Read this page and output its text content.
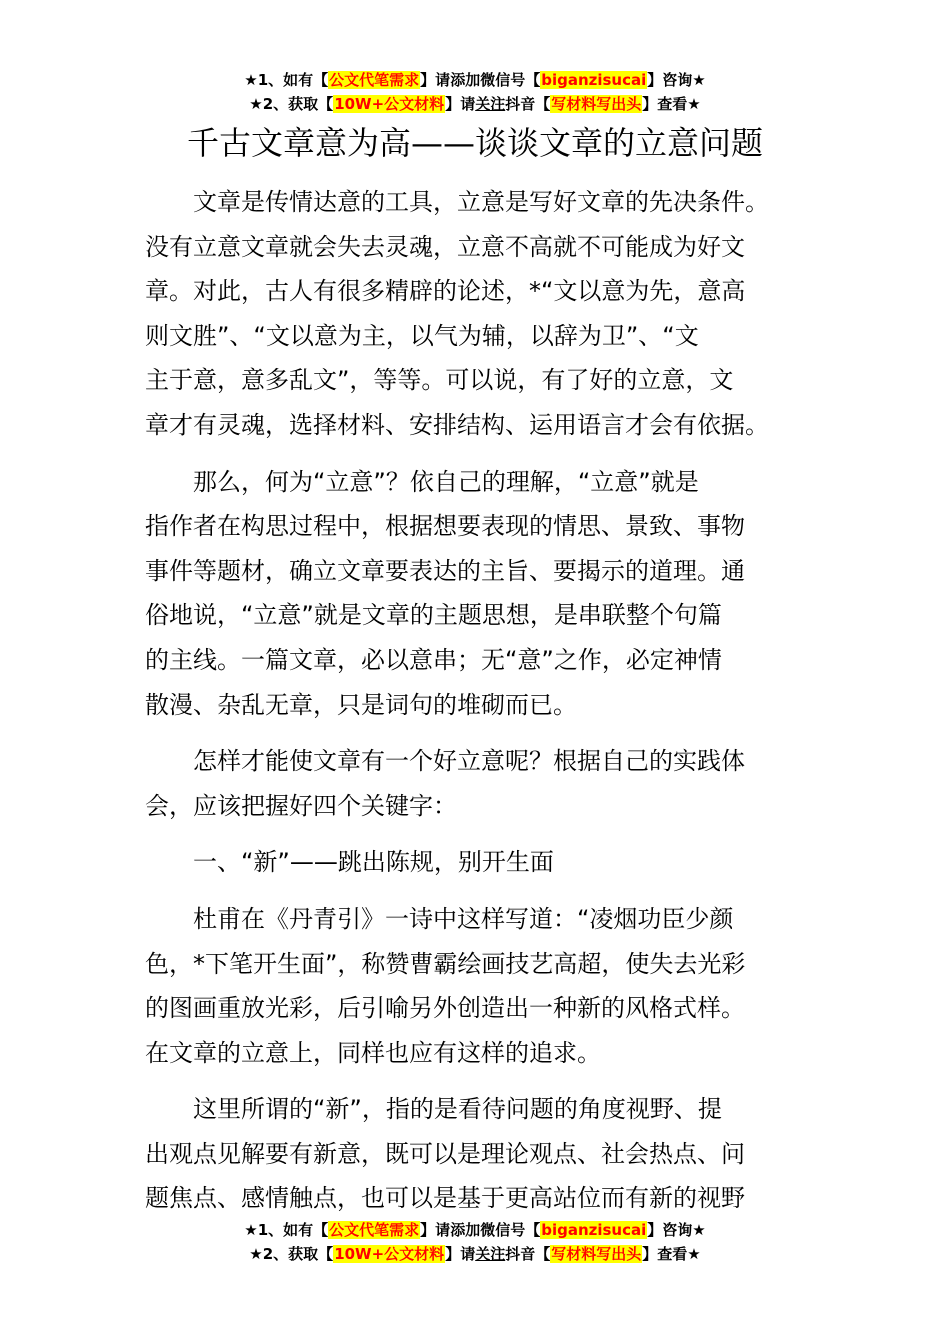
★1、如有【公文代笔需求】请添加微信号【biganzisucai】咨询★
★2、获取【10W+公文材料】请关注抖音【写材料写出头】查看★
千古文章意为高——谈谈文章的立意问题

文章是传情达意的工具，立意是写好文章的先决条件。
没有立意文章就会失去灵魂，立意不高就不可能成为好文
章。对此，古人有很多精辟的论述，*“文以意为先，意高
则文胜”、“文以意为主，以气为辅，以辞为卫”、“文
主于意，意多乱文”，等等。可以说，有了好的立意，文
章才有灵魂，选择材料、安排结构、运用语言才会有依据。

那么，何为“立意”？依自己的理解，“立意”就是
指作者在构思过程中，根据想要表现的情思、景致、事物
事件等题材，确立文章要表达的主旨、要揭示的道理。通
俗地说，“立意”就是文章的主题思想，是串联整个句篇
的主线。一篇文章，必以意串；无“意”之作，必定神情
散漫、杂乱无章，只是词句的堆砌而已。

怎样才能使文章有一个好立意呢？根据自己的实践体
会，应该把握好四个关键字：

一、“新”——跳出陈规，别开生面

杜甫在《丹青引》一诗中这样写道：“凌烟功臣少颜
色，*下笔开生面”，称赞曹霸绘画技艺高超，使失去光彩
的图画重放光彩，后引喻另外创造出一种新的风格式样。
在文章的立意上，同样也应有这样的追求。

这里所谓的“新”，指的是看待问题的角度视野、提
出观点见解要有新意，既可以是理论观点、社会热点、问
题焦点、感情触点，也可以是基于更高站位而有新的视野

★1、如有【公文代笔需求】请添加微信号【biganzisucai】咨询★
★2、获取【10W+公文材料】请关注抖音【写材料写出头】查看★
